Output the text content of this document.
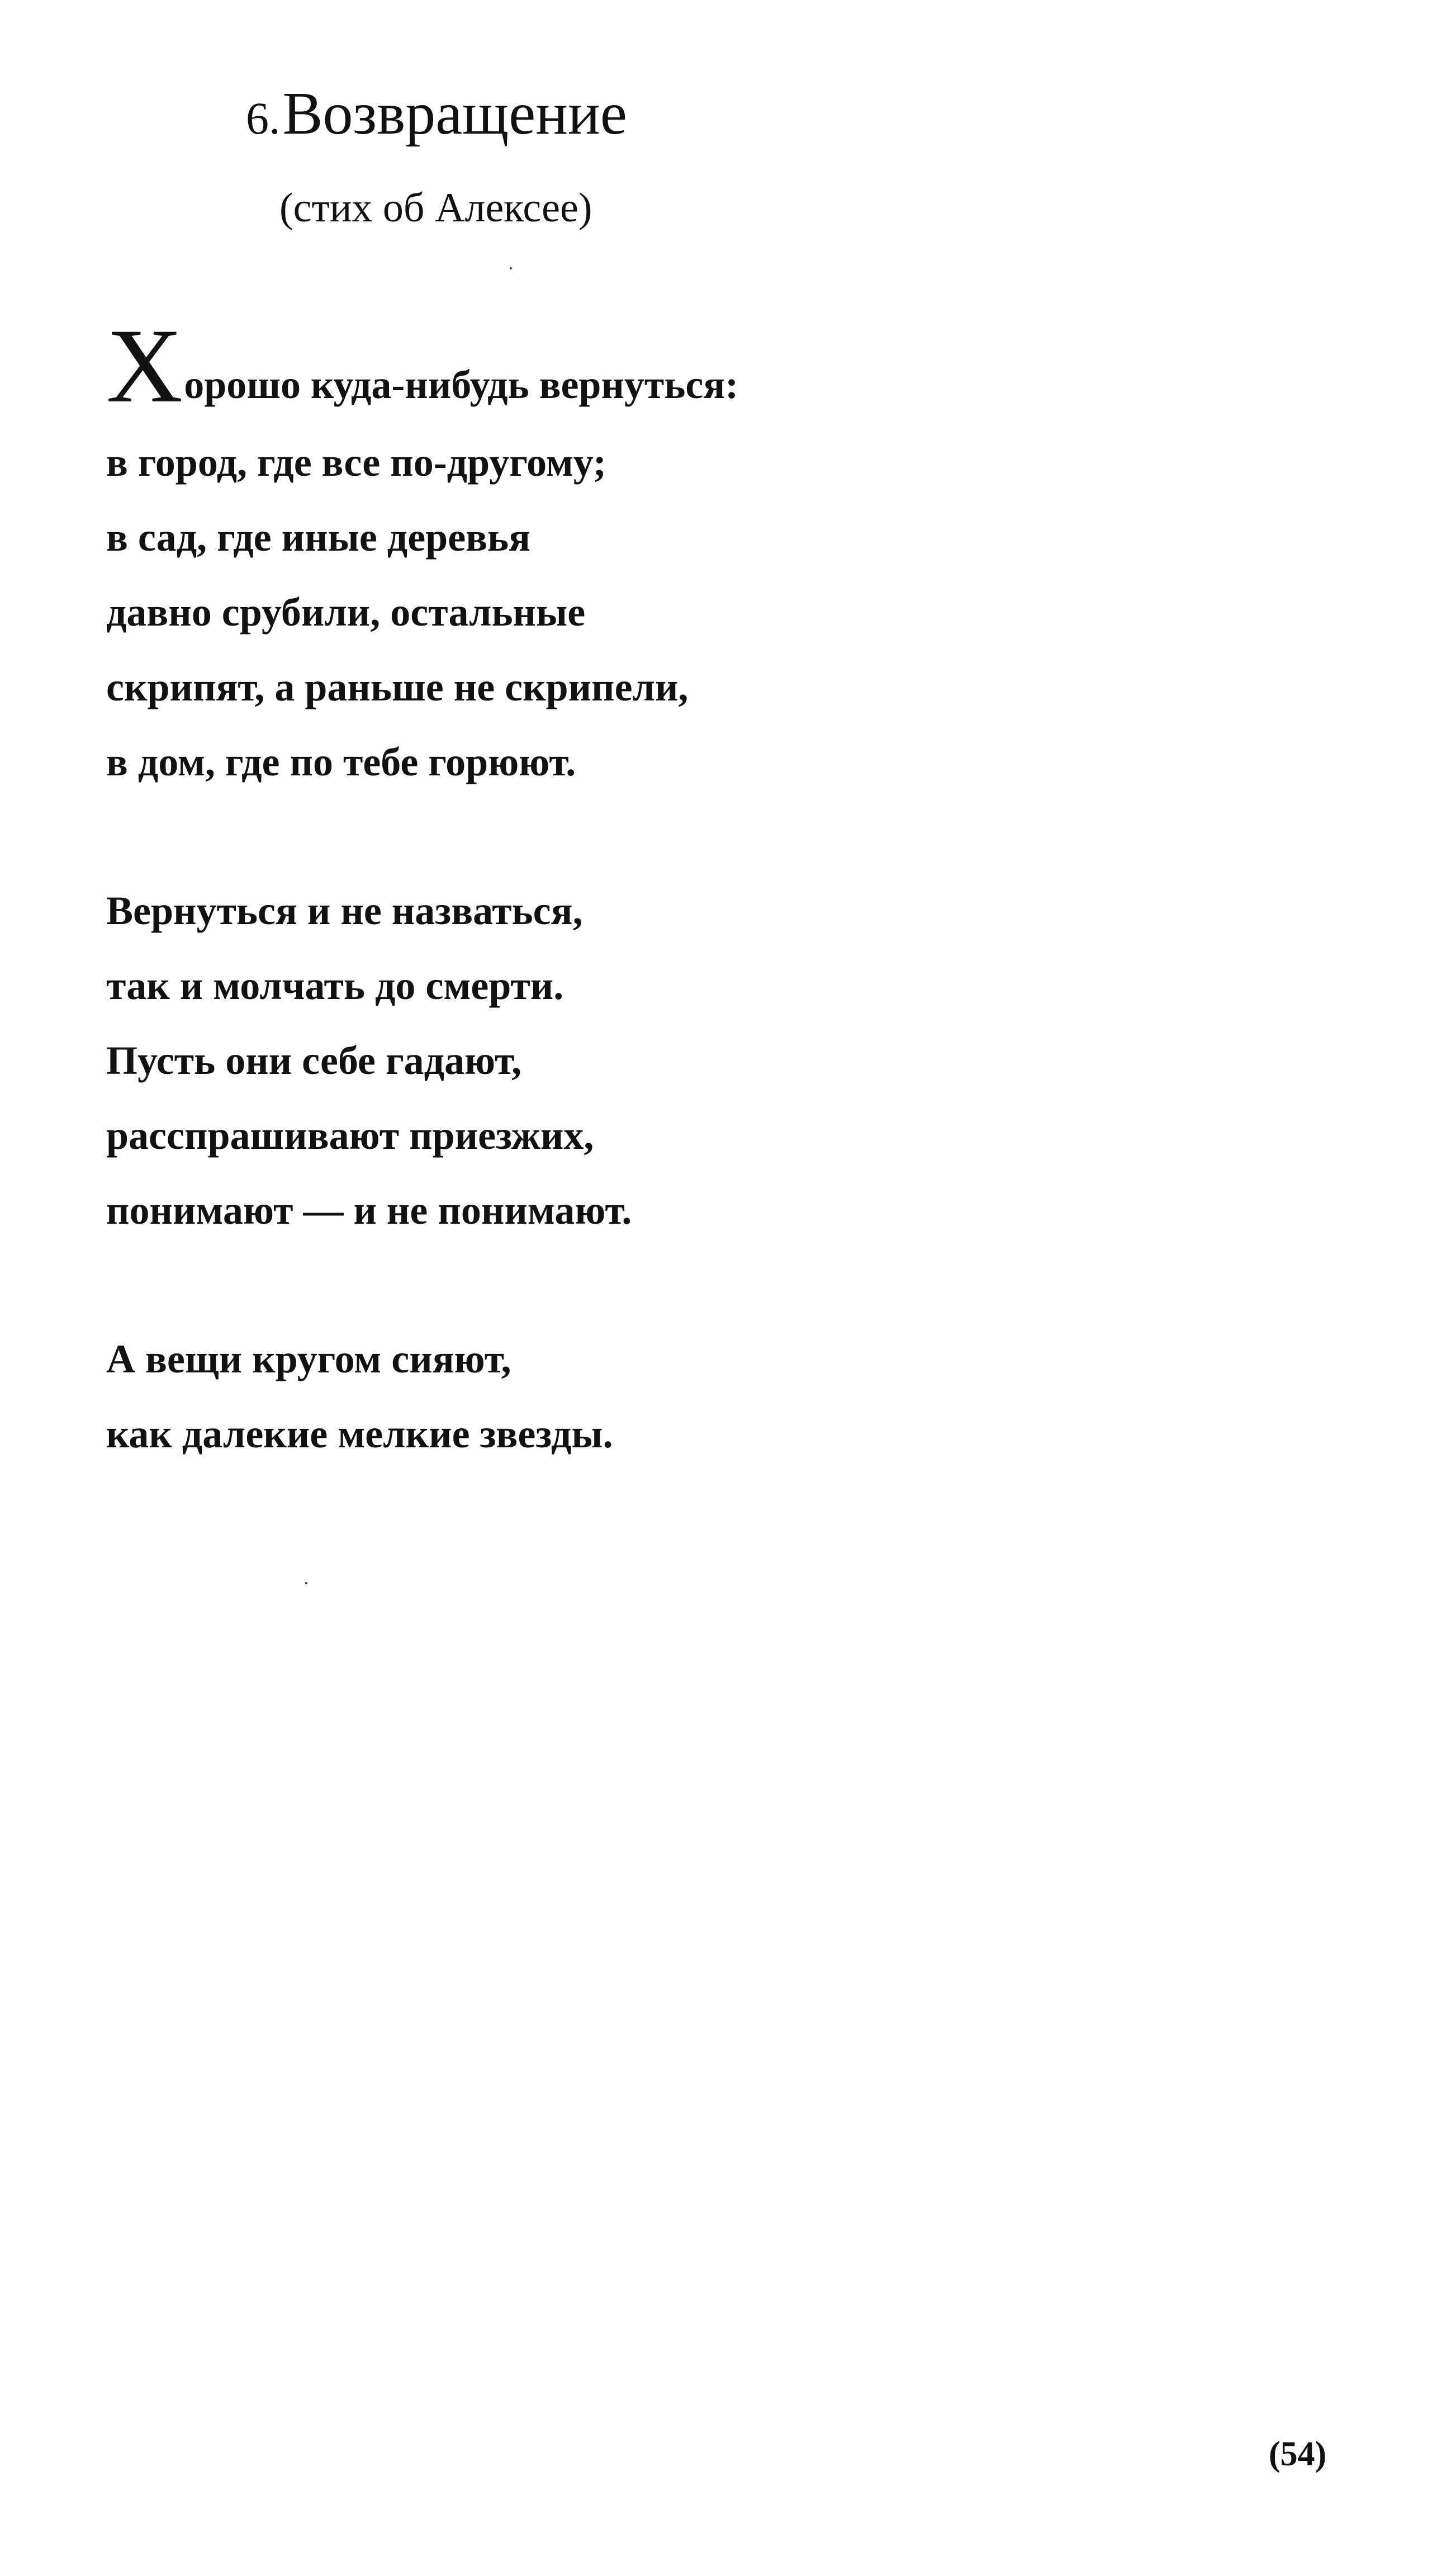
6. Возвращение
(стих об Алексее)
Хорошо куда-нибудь вернуться:
в город, где все по-другому;
в сад, где иные деревья
давно срубили, остальные
скрипят, а раньше не скрипели,
в дом, где по тебе горюют.
Вернуться и не назваться,
так и молчать до смерти.
Пусть они себе гадают,
расспрашивают приезжих,
понимают — и не понимают.
А вещи кругом сияют,
как далекие мелкие звезды.
(54)
